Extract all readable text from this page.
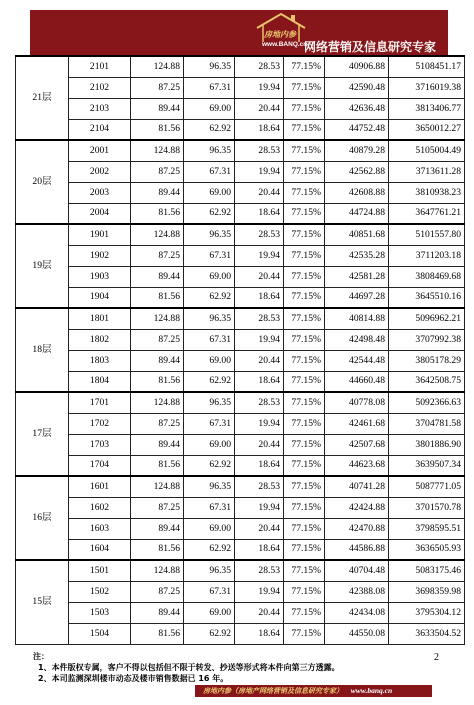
房地内参
www.BANQ.cn
网络营销及信息研究专家
21层	2101	124.88	96.35	28.53	77.15%	40906.88	5108451.17
	2102	87.25	67.31	19.94	77.15%	42590.48	3716019.38
	2103	89.44	69.00	20.44	77.15%	42636.48	3813406.77
	2104	81.56	62.92	18.64	77.15%	44752.48	3650012.27
20层	2001	124.88	96.35	28.53	77.15%	40879.28	5105004.49
	2002	87.25	67.31	19.94	77.15%	42562.88	3713611.28
	2003	89.44	69.00	20.44	77.15%	42608.88	3810938.23
	2004	81.56	62.92	18.64	77.15%	44724.88	3647761.21
19层	1901	124.88	96.35	28.53	77.15%	40851.68	5101557.80
	1902	87.25	67.31	19.94	77.15%	42535.28	3711203.18
	1903	89.44	69.00	20.44	77.15%	42581.28	3808469.68
	1904	81.56	62.92	18.64	77.15%	44697.28	3645510.16
18层	1801	124.88	96.35	28.53	77.15%	40814.88	5096962.21
	1802	87.25	67.31	19.94	77.15%	42498.48	3707992.38
	1803	89.44	69.00	20.44	77.15%	42544.48	3805178.29
	1804	81.56	62.92	18.64	77.15%	44660.48	3642508.75
17层	1701	124.88	96.35	28.53	77.15%	40778.08	5092366.63
	1702	87.25	67.31	19.94	77.15%	42461.68	3704781.58
	1703	89.44	69.00	20.44	77.15%	42507.68	3801886.90
	1704	81.56	62.92	18.64	77.15%	44623.68	3639507.34
16层	1601	124.88	96.35	28.53	77.15%	40741.28	5087771.05
	1602	87.25	67.31	19.94	77.15%	42424.88	3701570.78
	1603	89.44	69.00	20.44	77.15%	42470.88	3798595.51
	1604	81.56	62.92	18.64	77.15%	44586.88	3636505.93
15层	1501	124.88	96.35	28.53	77.15%	40704.48	5083175.46
	1502	87.25	67.31	19.94	77.15%	42388.08	3698359.98
	1503	89.44	69.00	20.44	77.15%	42434.08	3795304.12
	1504	81.56	62.92	18.64	77.15%	44550.08	3633504.52
注：
1、本件版权专属，客户不得以包括但不限于转发、抄送等形式将本件向第三方透露。
2、本司监测深圳楼市动态及楼市销售数据已 16 年。
2
房地内参（房地产网络营销及信息研究专家） www.banq.cn
